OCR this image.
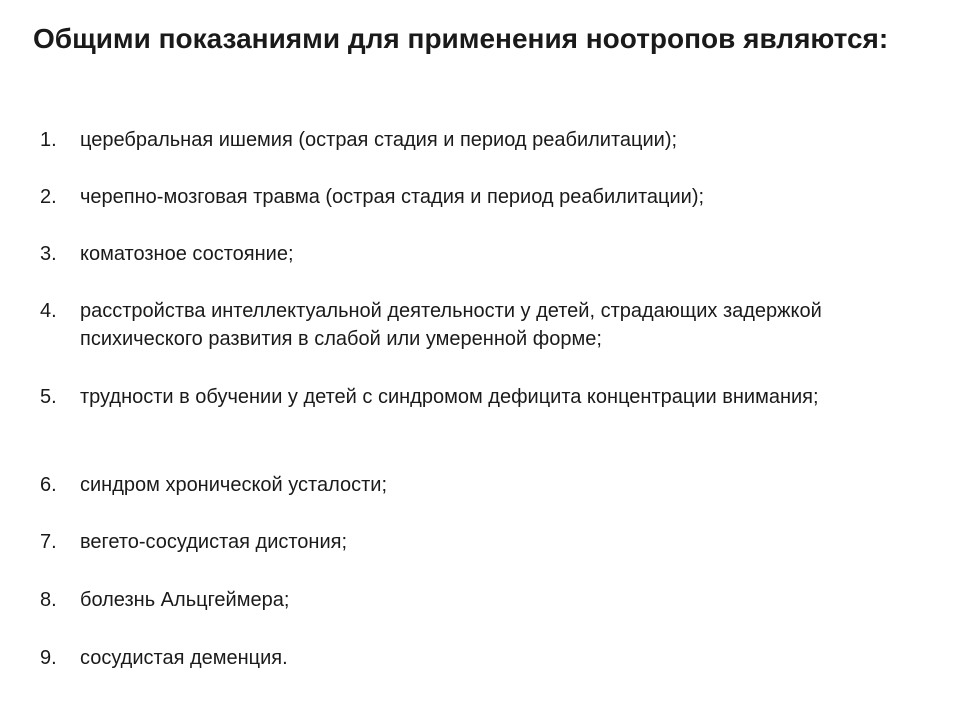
Общими показаниями для применения ноотропов являются:
1.	церебральная ишемия (острая стадия и период реабилитации);
2.	черепно-мозговая травма (острая стадия и период реабилитации);
3.	коматозное состояние;
4.	расстройства интеллектуальной деятельности у детей, страдающих задержкой психического развития в слабой или умеренной форме;
5.	трудности в обучении у детей с синдромом дефицита концентрации внимания;
6.	синдром хронической усталости;
7.	вегето-сосудистая дистония;
8.	болезнь Альцгеймера;
9.	сосудистая деменция.
